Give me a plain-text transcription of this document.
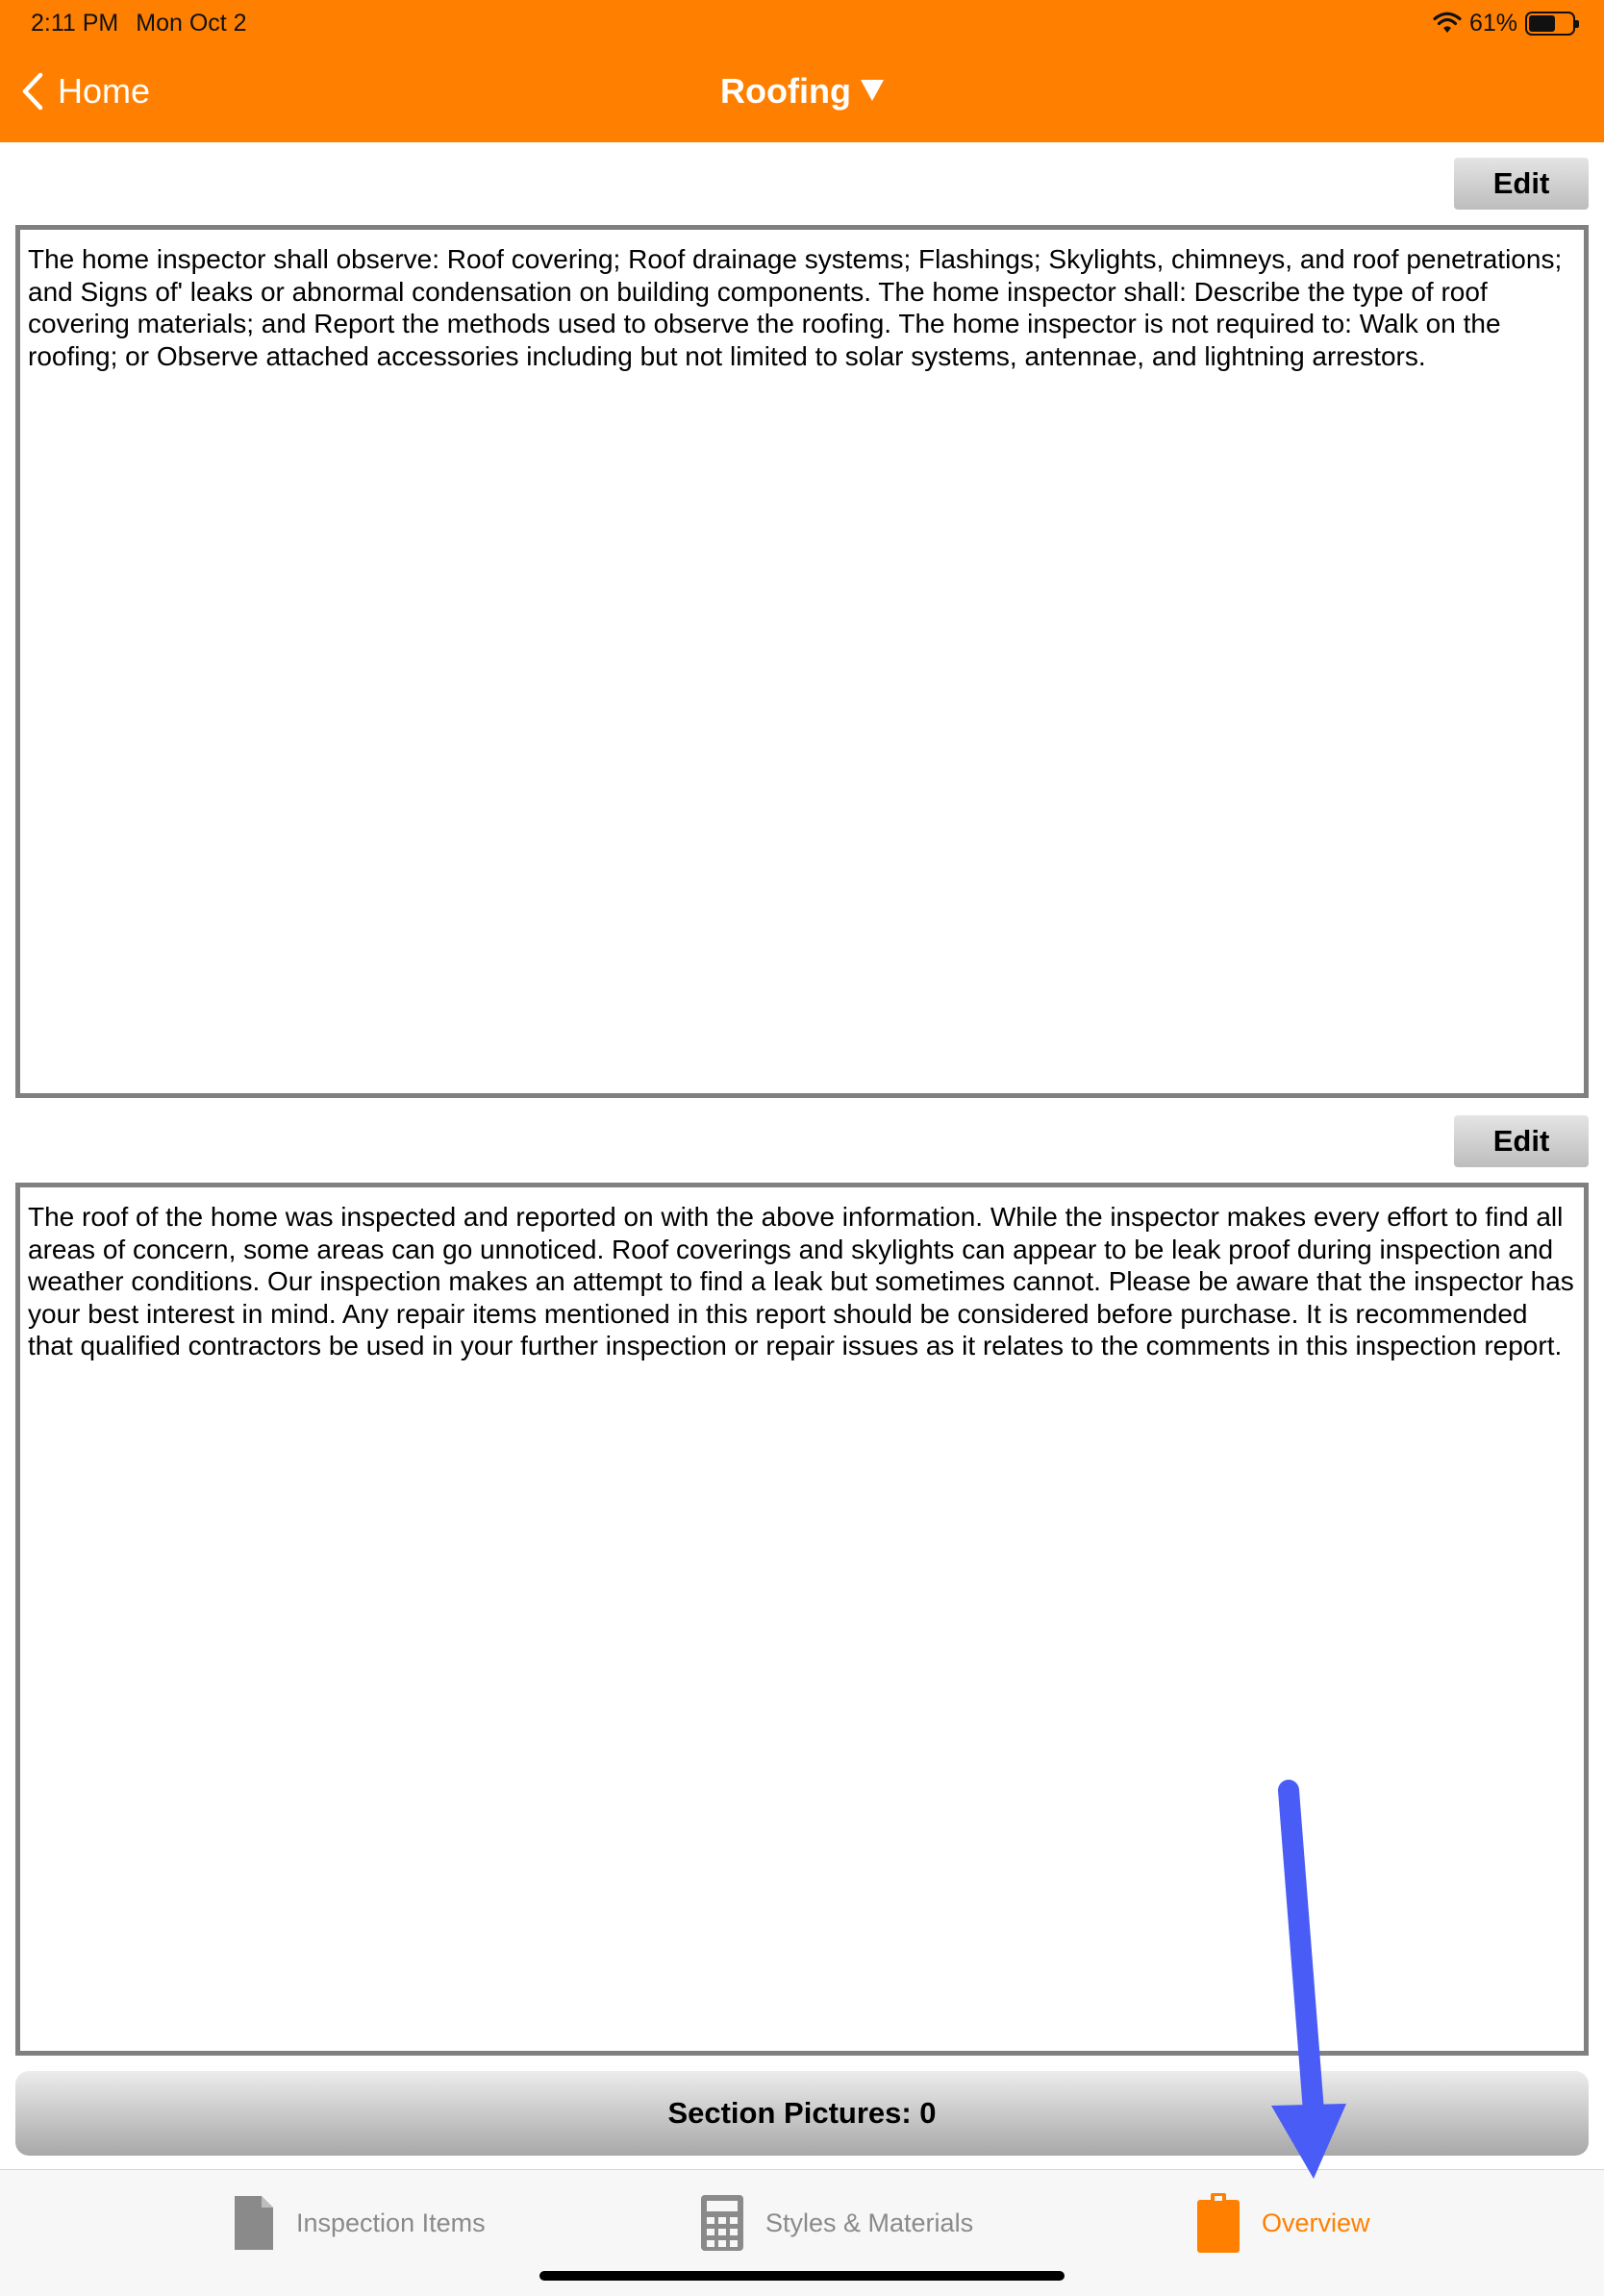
2:11 PM Mon Oct 2	61%
Home	Roofing
Edit
The home inspector shall observe: Roof covering; Roof drainage systems; Flashings; Skylights, chimneys, and roof penetrations; and Signs of' leaks or abnormal condensation on building components. The home inspector shall: Describe the type of roof covering materials; and Report the methods used to observe the roofing. The home inspector is not required to: Walk on the roofing; or Observe attached accessories including but not limited to solar systems, antennae, and lightning arrestors.
Edit
The roof of the home was inspected and reported on with the above information. While the inspector makes every effort to find all areas of concern, some areas can go unnoticed. Roof coverings and skylights can appear to be leak proof during inspection and weather conditions. Our inspection makes an attempt to find a leak but sometimes cannot. Please be aware that the inspector has your best interest in mind. Any repair items mentioned in this report should be considered before purchase. It is recommended that qualified contractors be used in your further inspection or repair issues as it relates to the comments in this inspection report.
Section Pictures: 0
Inspection Items	Styles & Materials	Overview
